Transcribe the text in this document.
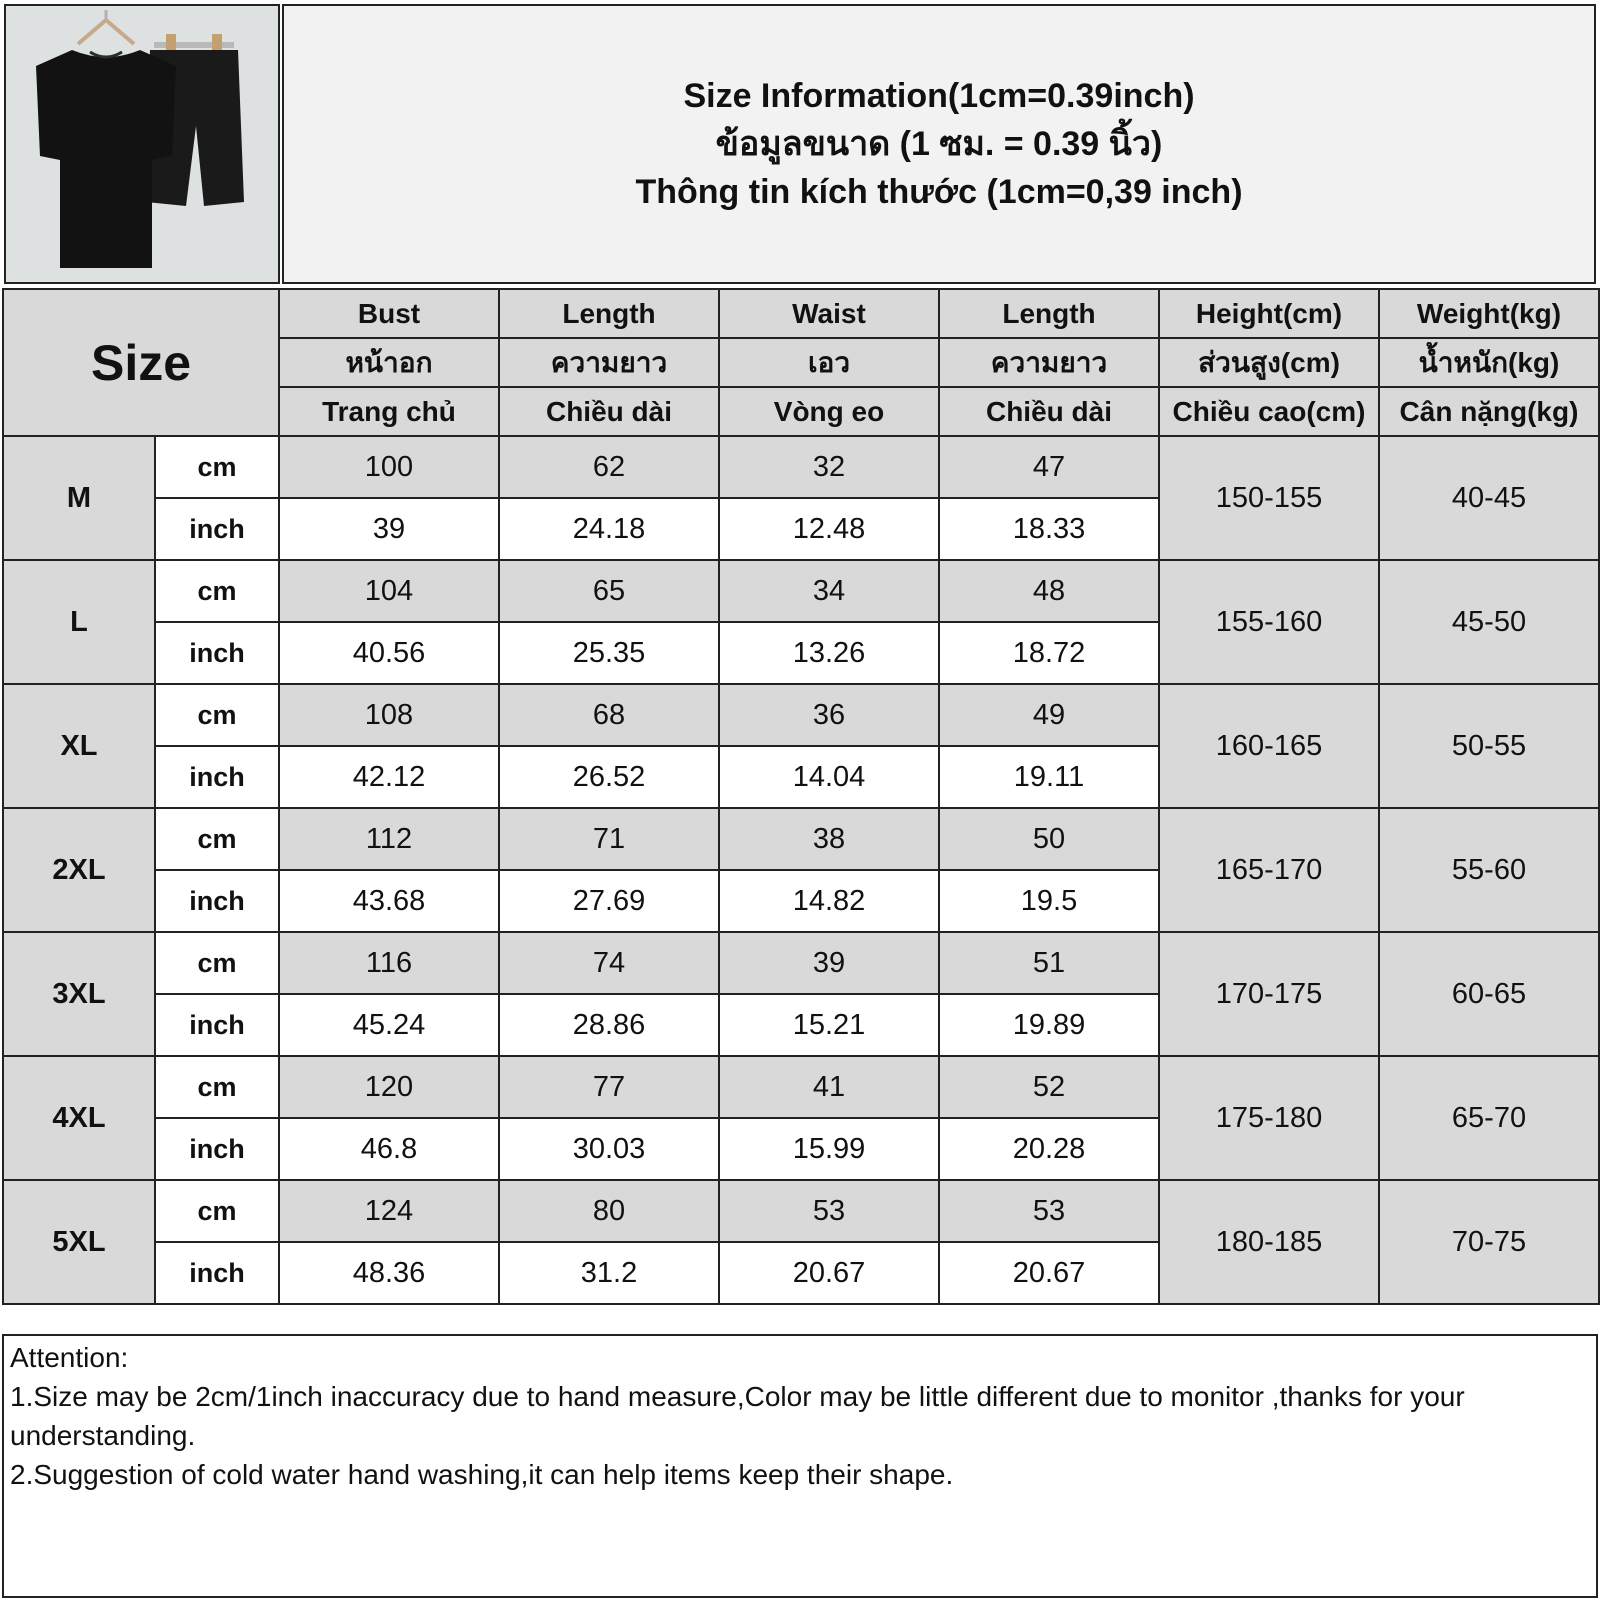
Size Information(1cm=0.39inch)
ข้อมูลขนาด (1 ซม. = 0.39 นิ้ว)
Thông tin kích thước (1cm=0,39 inch)
Size		Bust	Length	Waist	Length	Height(cm)	Weight(kg)
		หน้าอก	ความยาว	เอว	ความยาว	ส่วนสูง(cm)	น้ำหนัก(kg)
		Trang chủ	Chiều dài	Vòng eo	Chiều dài	Chiều cao(cm)	Cân nặng(kg)
M	cm	100	62	32	47	150-155	40-45
	inch	39	24.18	12.48	18.33		
L	cm	104	65	34	48	155-160	45-50
	inch	40.56	25.35	13.26	18.72		
XL	cm	108	68	36	49	160-165	50-55
	inch	42.12	26.52	14.04	19.11		
2XL	cm	112	71	38	50	165-170	55-60
	inch	43.68	27.69	14.82	19.5		
3XL	cm	116	74	39	51	170-175	60-65
	inch	45.24	28.86	15.21	19.89		
4XL	cm	120	77	41	52	175-180	65-70
	inch	46.8	30.03	15.99	20.28		
5XL	cm	124	80	53	53	180-185	70-75
	inch	48.36	31.2	20.67	20.67		
Attention:
1.Size may be 2cm/1inch inaccuracy due to hand measure,Color may be little different due to monitor ,thanks for your understanding.
2.Suggestion of cold water hand washing,it can help items keep their shape.
